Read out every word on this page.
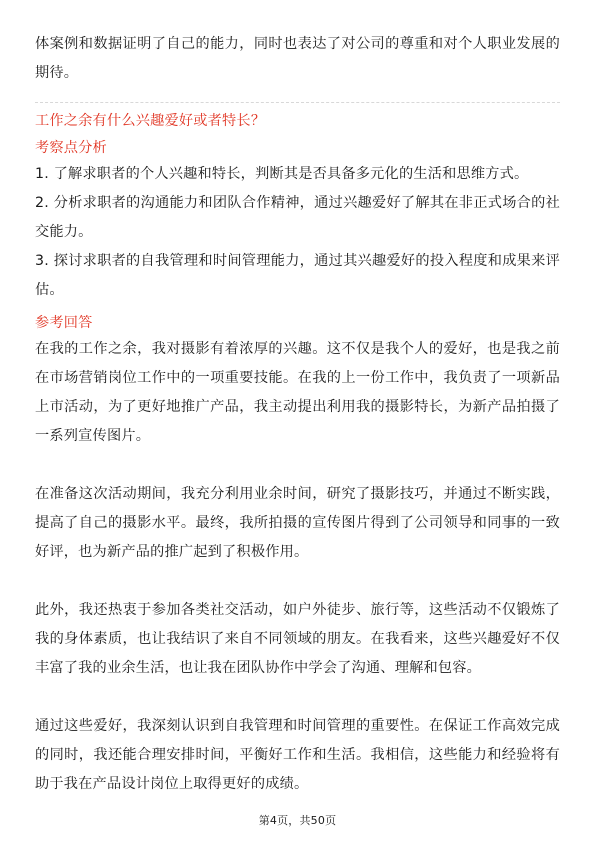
体案例和数据证明了自己的能力，同时也表达了对公司的尊重和对个人职业发展的期待。

工作之余有什么兴趣爱好或者特长？

考察点分析

1. 了解求职者的个人兴趣和特长，判断其是否具备多元化的生活和思维方式。

2. 分析求职者的沟通能力和团队合作精神，通过兴趣爱好了解其在非正式场合的社交能力。

3. 探讨求职者的自我管理和时间管理能力，通过其兴趣爱好的投入程度和成果来评估。

参考回答

在我的工作之余，我对摄影有着浓厚的兴趣。这不仅是我个人的爱好，也是我之前在市场营销岗位工作中的一项重要技能。在我的上一份工作中，我负责了一项新品上市活动，为了更好地推广产品，我主动提出利用我的摄影特长，为新产品拍摄了一系列宣传图片。

在准备这次活动期间，我充分利用业余时间，研究了摄影技巧，并通过不断实践，提高了自己的摄影水平。最终，我所拍摄的宣传图片得到了公司领导和同事的一致好评，也为新产品的推广起到了积极作用。

此外，我还热衷于参加各类社交活动，如户外徒步、旅行等，这些活动不仅锻炼了我的身体素质，也让我结识了来自不同领域的朋友。在我看来，这些兴趣爱好不仅丰富了我的业余生活，也让我在团队协作中学会了沟通、理解和包容。

通过这些爱好，我深刻认识到自我管理和时间管理的重要性。在保证工作高效完成的同时，我还能合理安排时间，平衡好工作和生活。我相信，这些能力和经验将有助于我在产品设计岗位上取得更好的成绩。

第4页，共50页
